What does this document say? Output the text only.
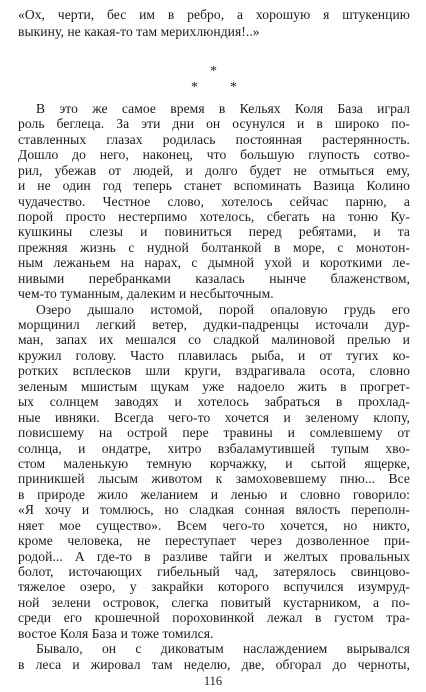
«Ох, черти, бес им в ребро, а хорошую я штукенцию
выкину, не какая-то там мерихлюндия!..»
*
* *
В это же самое время в Кельях Коля База играл
роль беглеца. За эти дни он осунулся и в широко по-
ставленных глазах родилась постоянная растерянность.
Дошло до него, наконец, что большую глупость сотво-
рил, убежав от людей, и долго будет не отмыться ему,
и не один год теперь станет вспоминать Вазица Колино
чудачество. Честное слово, хотелось сейчас парню, а
порой просто нестерпимо хотелось, сбегать на тоню Ку-
кушкины слезы и повиниться перед ребятами, и та
прежняя жизнь с нудной болтанкой в море, с монотон-
ным лежаньем на нарах, с дымной ухой и короткими ле-
нивыми перебранками казалась нынче блаженством,
чем-то туманным, далеким и несбыточным.
Озеро дышало истомой, порой опаловую грудь его
морщинил легкий ветер, дудки-падренцы источали дур-
ман, запах их мешался со сладкой малиновой прелью и
кружил голову. Часто плавилась рыба, и от тугих ко-
ротких всплесков шли круги, вздрагивала осота, словно
зеленым мшистым щукам уже надоело жить в прогрет-
ых солнцем заводях и хотелось забраться в прохлад-
ные ивняки. Всегда чего-то хочется и зеленому клопу,
повисшему на острой пере травины и сомлевшему от
солнца, и ондатре, хитро взбаламутившей тупым хво-
стом маленькую темную корчажку, и сытой ящерке,
приникшей лысым животом к замоховевшему пню... Все
в природе жило желанием и ленью и словно говорило:
«Я хочу и томлюсь, но сладкая сонная вялость переполн-
няет мое существо». Всем чего-то хочется, но никто,
кроме человека, не переступает через дозволенное при-
родой... А где-то в разливе тайги и желтых провальных
болот, источающих гибельный чад, затерялось свинцово-
тяжелое озеро, у закрайки которого вспучился изумруд-
ной зелени островок, слегка повитый кустарником, а по-
среди его крошечной пороховинкой лежал в густом тра-
востое Коля База и тоже томился.
Бывало, он с диковатым наслаждением вырывался
в леса и жировал там неделю, две, обгорал до черноты,
116
